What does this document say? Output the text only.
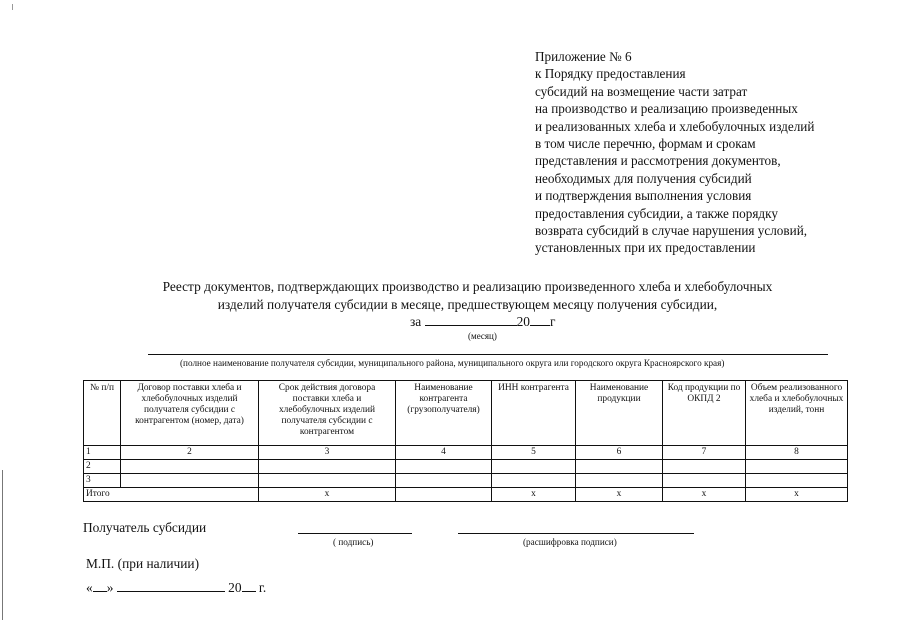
Приложение № 6
к Порядку предоставления
субсидий на возмещение части затрат
на производство и реализацию произведенных
и реализованных хлеба и хлебобулочных изделий
в том числе перечню, формам и срокам
представления и рассмотрения документов,
необходимых для получения субсидий
и подтверждения выполнения условия
предоставления субсидии, а также порядку
возврата субсидий в случае нарушения условий,
установленных при их предоставлении
Реестр документов, подтверждающих производство и реализацию произведенного хлеба и хлебобулочных
изделий получателя субсидии в месяце, предшествующем месяцу получения субсидии,
за	20 г
(месяц)
(полное наименование получателя субсидии, муниципального района, муниципального округа или городского округа Красноярского края)
№ п/п	Договор поставки хлеба и хлебобулочных изделий получателя субсидии с контрагентом (номер, дата)	Срок действия договора поставки хлеба и хлебобулочных изделий получателя субсидии с контрагентом	Наименование контрагента (грузополучателя)	ИНН контрагента	Наименование продукции	Код продукции по ОКПД 2	Объем реализованного хлеба и хлебобулочных изделий, тонн
1	2	3	4	5	6	7	8
2							
3							
Итого		x		x	x	x	x
Получатель субсидии
( подпись)	(расшифровка подписи)
М.П. (при наличии)
« »	20 г.
